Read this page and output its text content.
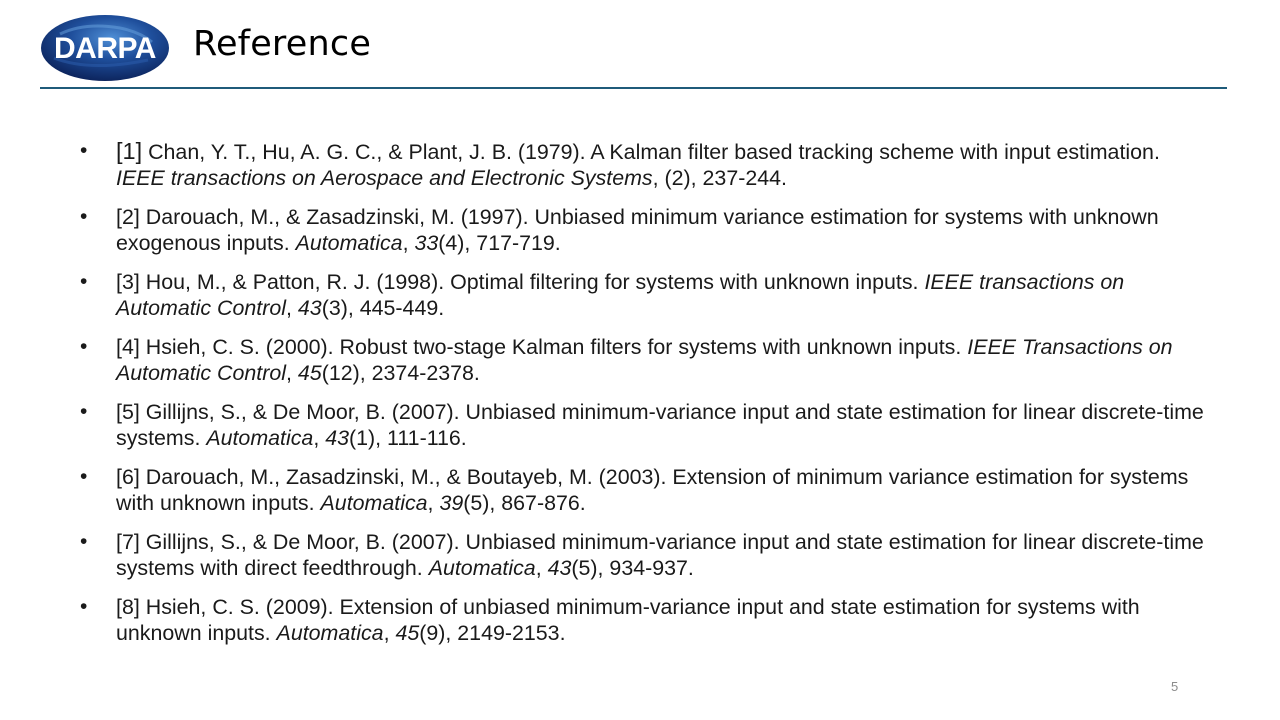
DARPA Reference
• [1] Chan, Y. T., Hu, A. G. C., & Plant, J. B. (1979). A Kalman filter based tracking scheme with input estimation. IEEE transactions on Aerospace and Electronic Systems, (2), 237-244.
• [2] Darouach, M., & Zasadzinski, M. (1997). Unbiased minimum variance estimation for systems with unknown exogenous inputs. Automatica, 33(4), 717-719.
• [3] Hou, M., & Patton, R. J. (1998). Optimal filtering for systems with unknown inputs. IEEE transactions on Automatic Control, 43(3), 445-449.
• [4] Hsieh, C. S. (2000). Robust two-stage Kalman filters for systems with unknown inputs. IEEE Transactions on Automatic Control, 45(12), 2374-2378.
• [5] Gillijns, S., & De Moor, B. (2007). Unbiased minimum-variance input and state estimation for linear discrete-time systems. Automatica, 43(1), 111-116.
• [6] Darouach, M., Zasadzinski, M., & Boutayeb, M. (2003). Extension of minimum variance estimation for systems with unknown inputs. Automatica, 39(5), 867-876.
• [7] Gillijns, S., & De Moor, B. (2007). Unbiased minimum-variance input and state estimation for linear discrete-time systems with direct feedthrough. Automatica, 43(5), 934-937.
• [8] Hsieh, C. S. (2009). Extension of unbiased minimum-variance input and state estimation for systems with unknown inputs. Automatica, 45(9), 2149-2153.
5
